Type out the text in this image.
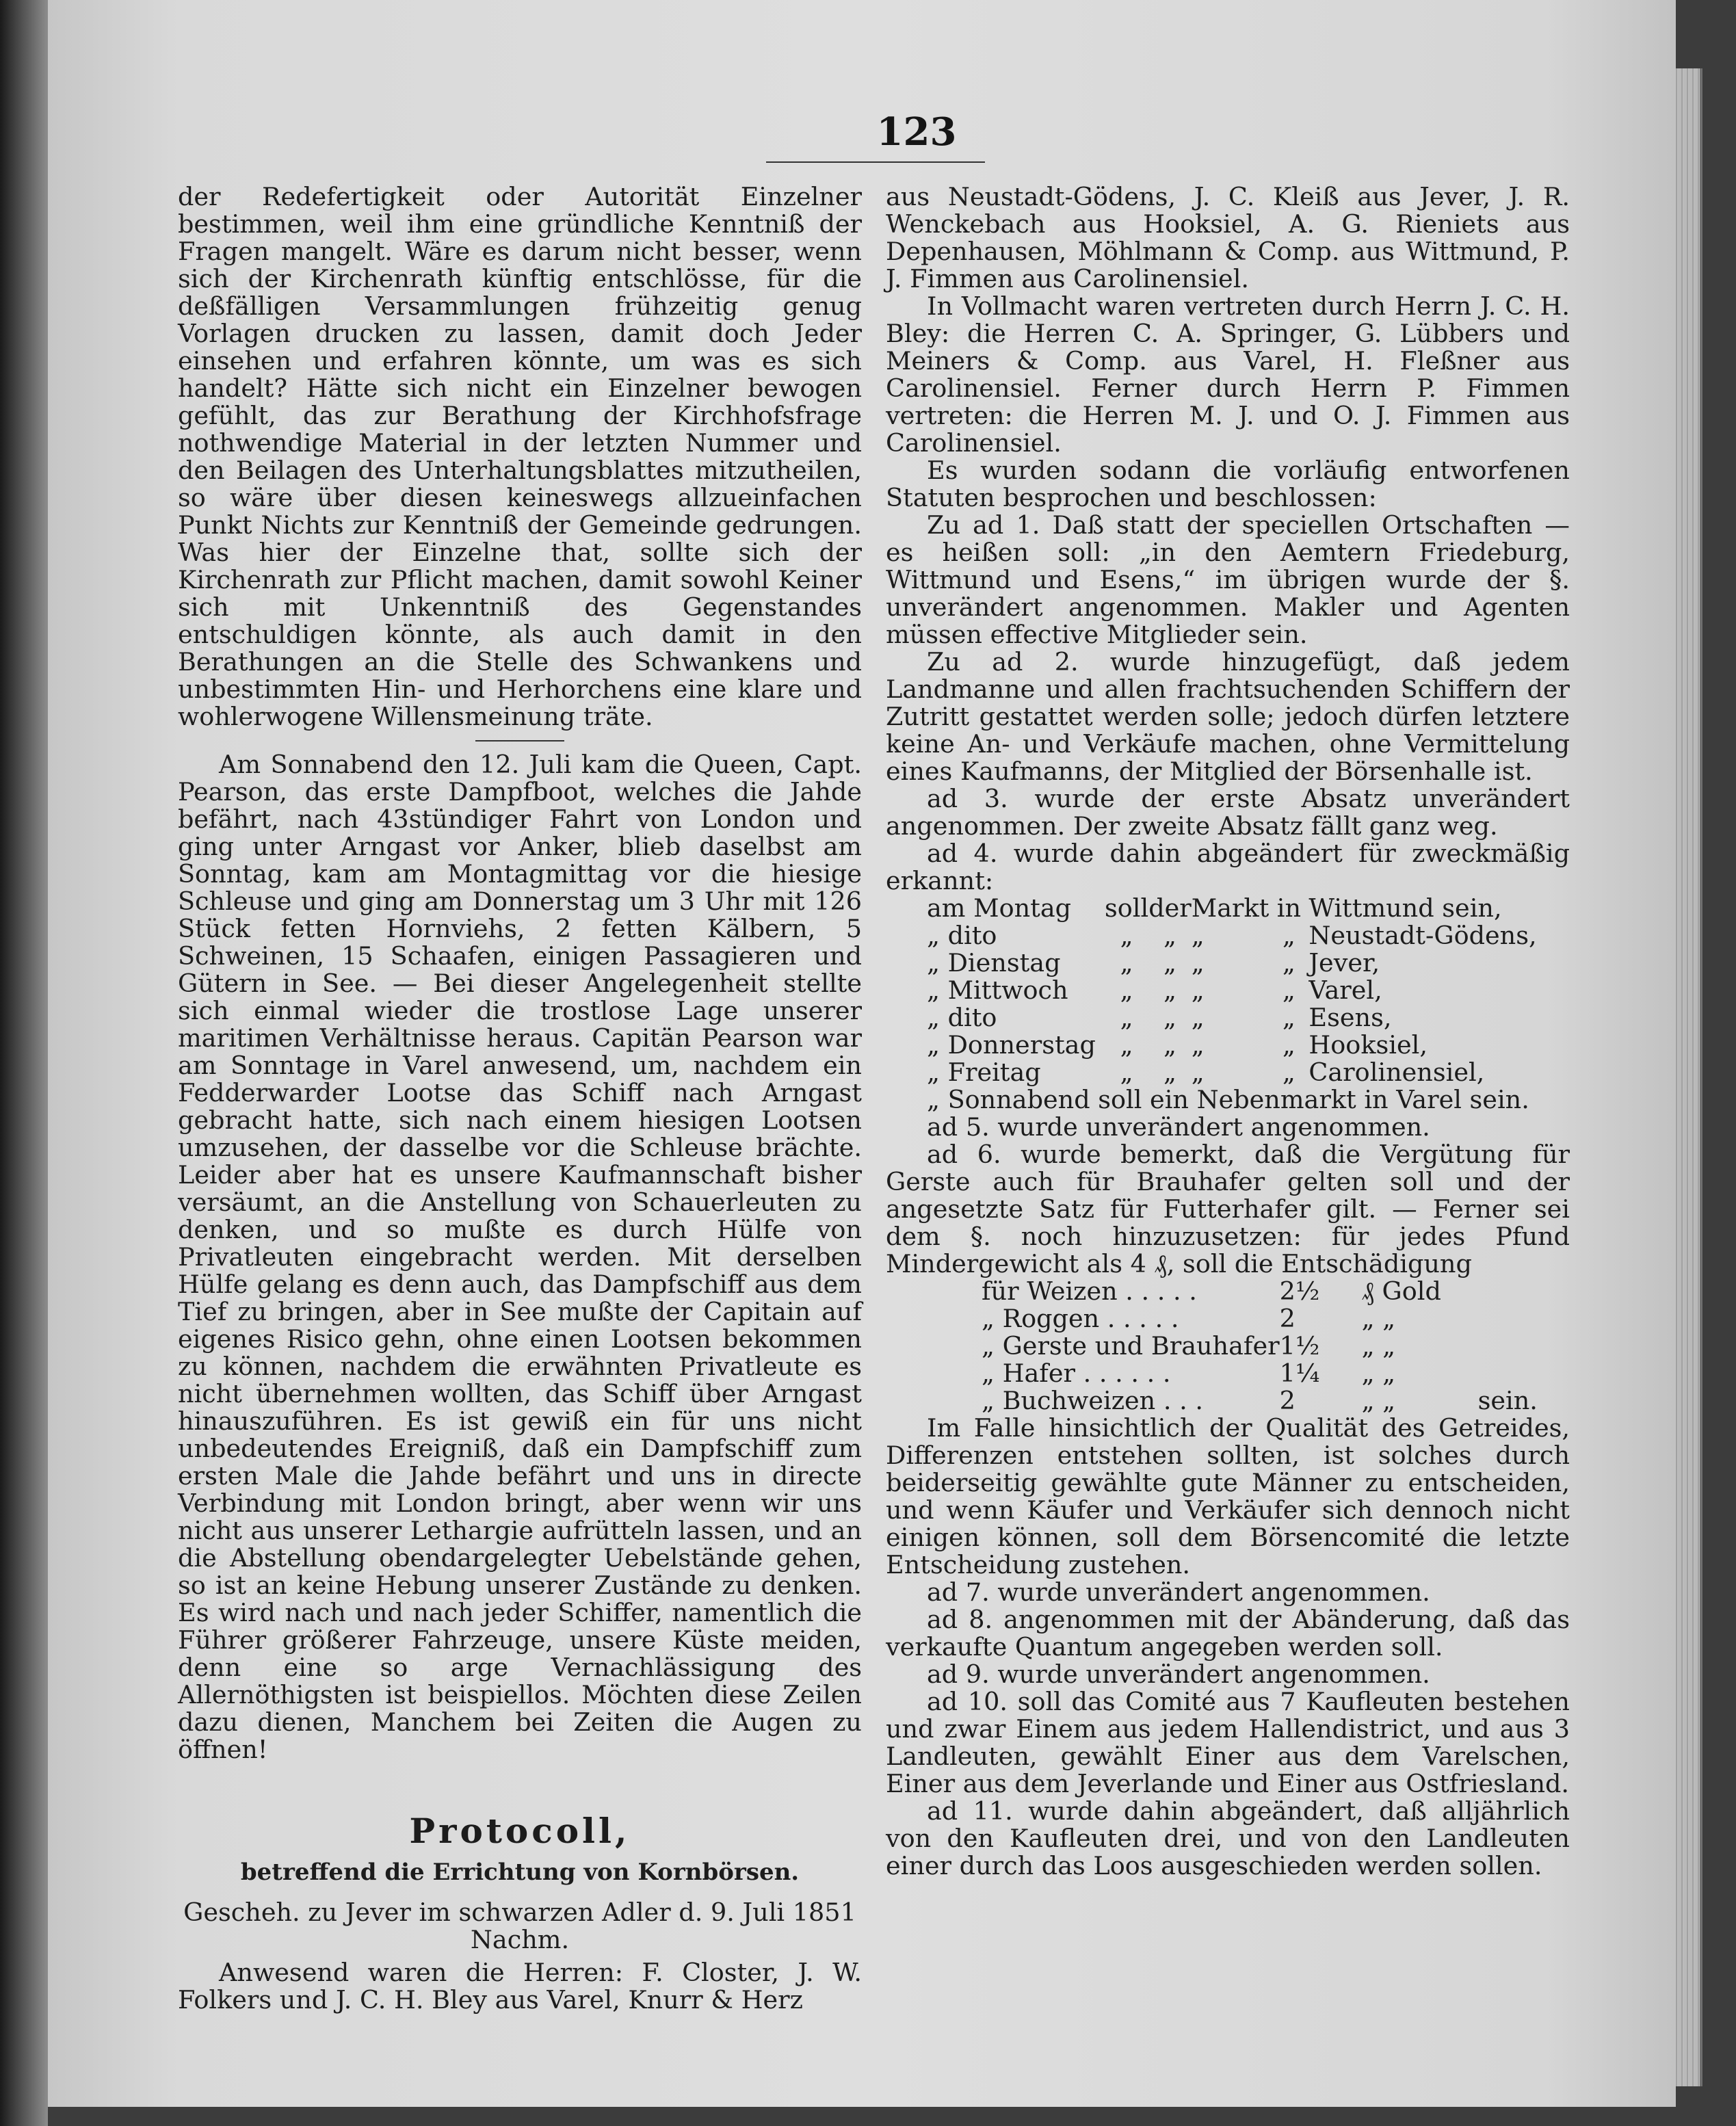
123

der Redefertigkeit oder Autorität Einzelner bestimmen, weil ihm eine gründliche Kenntniß der Fragen mangelt. Wäre es darum nicht besser, wenn sich der Kirchenrath künftig entschlösse, für die deßfälligen Versammlungen frühzeitig genug Vorlagen drucken zu lassen, damit doch Jeder einsehen und erfahren könnte, um was es sich handelt? Hätte sich nicht ein Einzelner bewogen gefühlt, das zur Berathung der Kirchhofsfrage nothwendige Material in der letzten Nummer und den Beilagen des Unterhaltungsblattes mitzutheilen, so wäre über diesen keineswegs allzueinfachen Punkt Nichts zur Kenntniß der Gemeinde gedrungen. Was hier der Einzelne that, sollte sich der Kirchenrath zur Pflicht machen, damit sowohl Keiner sich mit Unkenntniß des Gegenstandes entschuldigen könnte, als auch damit in den Berathungen an die Stelle des Schwankens und unbestimmten Hin- und Herhorchens eine klare und wohlerwogene Willensmeinung träte.

Am Sonnabend den 12. Juli kam die Queen, Capt. Pearson, das erste Dampfboot, welches die Jahde befährt, nach 43stündiger Fahrt von London und ging unter Arngast vor Anker, blieb daselbst am Sonntag, kam am Montagmittag vor die hiesige Schleuse und ging am Donnerstag um 3 Uhr mit 126 Stück fetten Hornviehs, 2 fetten Kälbern, 5 Schweinen, 15 Schaafen, einigen Passagieren und Gütern in See. — Bei dieser Angelegenheit stellte sich einmal wieder die trostlose Lage unserer maritimen Verhältnisse heraus. Capitän Pearson war am Sonntage in Varel anwesend, um, nachdem ein Fedderwarder Lootse das Schiff nach Arngast gebracht hatte, sich nach einem hiesigen Lootsen umzusehen, der dasselbe vor die Schleuse brächte. Leider aber hat es unsere Kaufmannschaft bisher versäumt, an die Anstellung von Schauerleuten zu denken, und so mußte es durch Hülfe von Privatleuten eingebracht werden. Mit derselben Hülfe gelang es denn auch, das Dampfschiff aus dem Tief zu bringen, aber in See mußte der Capitain auf eigenes Risico gehn, ohne einen Lootsen bekommen zu können, nachdem die erwähnten Privatleute es nicht übernehmen wollten, das Schiff über Arngast hinauszuführen. Es ist gewiß ein für uns nicht unbedeutendes Ereigniß, daß ein Dampfschiff zum ersten Male die Jahde befährt und uns in directe Verbindung mit London bringt, aber wenn wir uns nicht aus unserer Lethargie aufrütteln lassen, und an die Abstellung obendargelegter Uebelstände gehen, so ist an keine Hebung unserer Zustände zu denken. Es wird nach und nach jeder Schiffer, namentlich die Führer größerer Fahrzeuge, unsere Küste meiden, denn eine so arge Vernachlässigung des Allernöthigsten ist beispiellos. Möchten diese Zeilen dazu dienen, Manchem bei Zeiten die Augen zu öffnen!

Protocoll,
betreffend die Errichtung von Kornbörsen.
Gescheh. zu Jever im schwarzen Adler d. 9. Juli 1851 Nachm.

Anwesend waren die Herren: F. Closter, J. W. Folkers und J. C. H. Bley aus Varel, Knurr & Herz

aus Neustadt-Gödens, J. C. Kleiß aus Jever, J. R. Wenckebach aus Hooksiel, A. G. Rieniets aus Depenhausen, Möhlmann & Comp. aus Wittmund, P. J. Fimmen aus Carolinensiel.

In Vollmacht waren vertreten durch Herrn J. C. H. Bley: die Herren C. A. Springer, G. Lübbers und Meiners & Comp. aus Varel, H. Fleßner aus Carolinensiel. Ferner durch Herrn P. Fimmen vertreten: die Herren M. J. und O. J. Fimmen aus Carolinensiel.

Es wurden sodann die vorläufig entworfenen Statuten besprochen und beschlossen:

Zu ad 1. Daß statt der speciellen Ortschaften — es heißen soll: „in den Aemtern Friedeburg, Wittmund und Esens,“ im übrigen wurde der §. unverändert angenommen. Makler und Agenten müssen effective Mitglieder sein.

Zu ad 2. wurde hinzugefügt, daß jedem Landmanne und allen frachtsuchenden Schiffern der Zutritt gestattet werden solle; jedoch dürfen letztere keine An- und Verkäufe machen, ohne Vermittelung eines Kaufmanns, der Mitglied der Börsenhalle ist.

ad 3. wurde der erste Absatz unverändert angenommen. Der zweite Absatz fällt ganz weg.

ad 4. wurde dahin abgeändert für zweckmäßig erkannt:

am Montag	soll	der	Markt	in	Wittmund sein,
„ dito	„	„	„	„	Neustadt-Gödens,
„ Dienstag	„	„	„	„	Jever,
„ Mittwoch	„	„	„	„	Varel,
„ dito	„	„	„	„	Esens,
„ Donnerstag	„	„	„	„	Hooksiel,
„ Freitag	„	„	„	„	Carolinensiel,

„ Sonnabend soll ein Nebenmarkt in Varel sein.

ad 5. wurde unverändert angenommen.

ad 6. wurde bemerkt, daß die Vergütung für Gerste auch für Brauhafer gelten soll und der angesetzte Satz für Futterhafer gilt. — Ferner sei dem §. noch hinzuzusetzen: für jedes Pfund Mindergewicht als 4 ₰, soll die Entschädigung

für Weizen . . . . .	2½	₰ Gold	
„ Roggen . . . . .	2	„ „	
„ Gerste und Brauhafer	1½	„ „	
„ Hafer . . . . . .	1¼	„ „	
„ Buchweizen . . .	2	„ „	sein.

Im Falle hinsichtlich der Qualität des Getreides, Differenzen entstehen sollten, ist solches durch beiderseitig gewählte gute Männer zu entscheiden, und wenn Käufer und Verkäufer sich dennoch nicht einigen können, soll dem Börsencomité die letzte Entscheidung zustehen.

ad 7. wurde unverändert angenommen.

ad 8. angenommen mit der Abänderung, daß das verkaufte Quantum angegeben werden soll.

ad 9. wurde unverändert angenommen.

ad 10. soll das Comité aus 7 Kaufleuten bestehen und zwar Einem aus jedem Hallendistrict, und aus 3 Landleuten, gewählt Einer aus dem Varelschen, Einer aus dem Jeverlande und Einer aus Ostfriesland.

ad 11. wurde dahin abgeändert, daß alljährlich von den Kaufleuten drei, und von den Landleuten einer durch das Loos ausgeschieden werden sollen.
